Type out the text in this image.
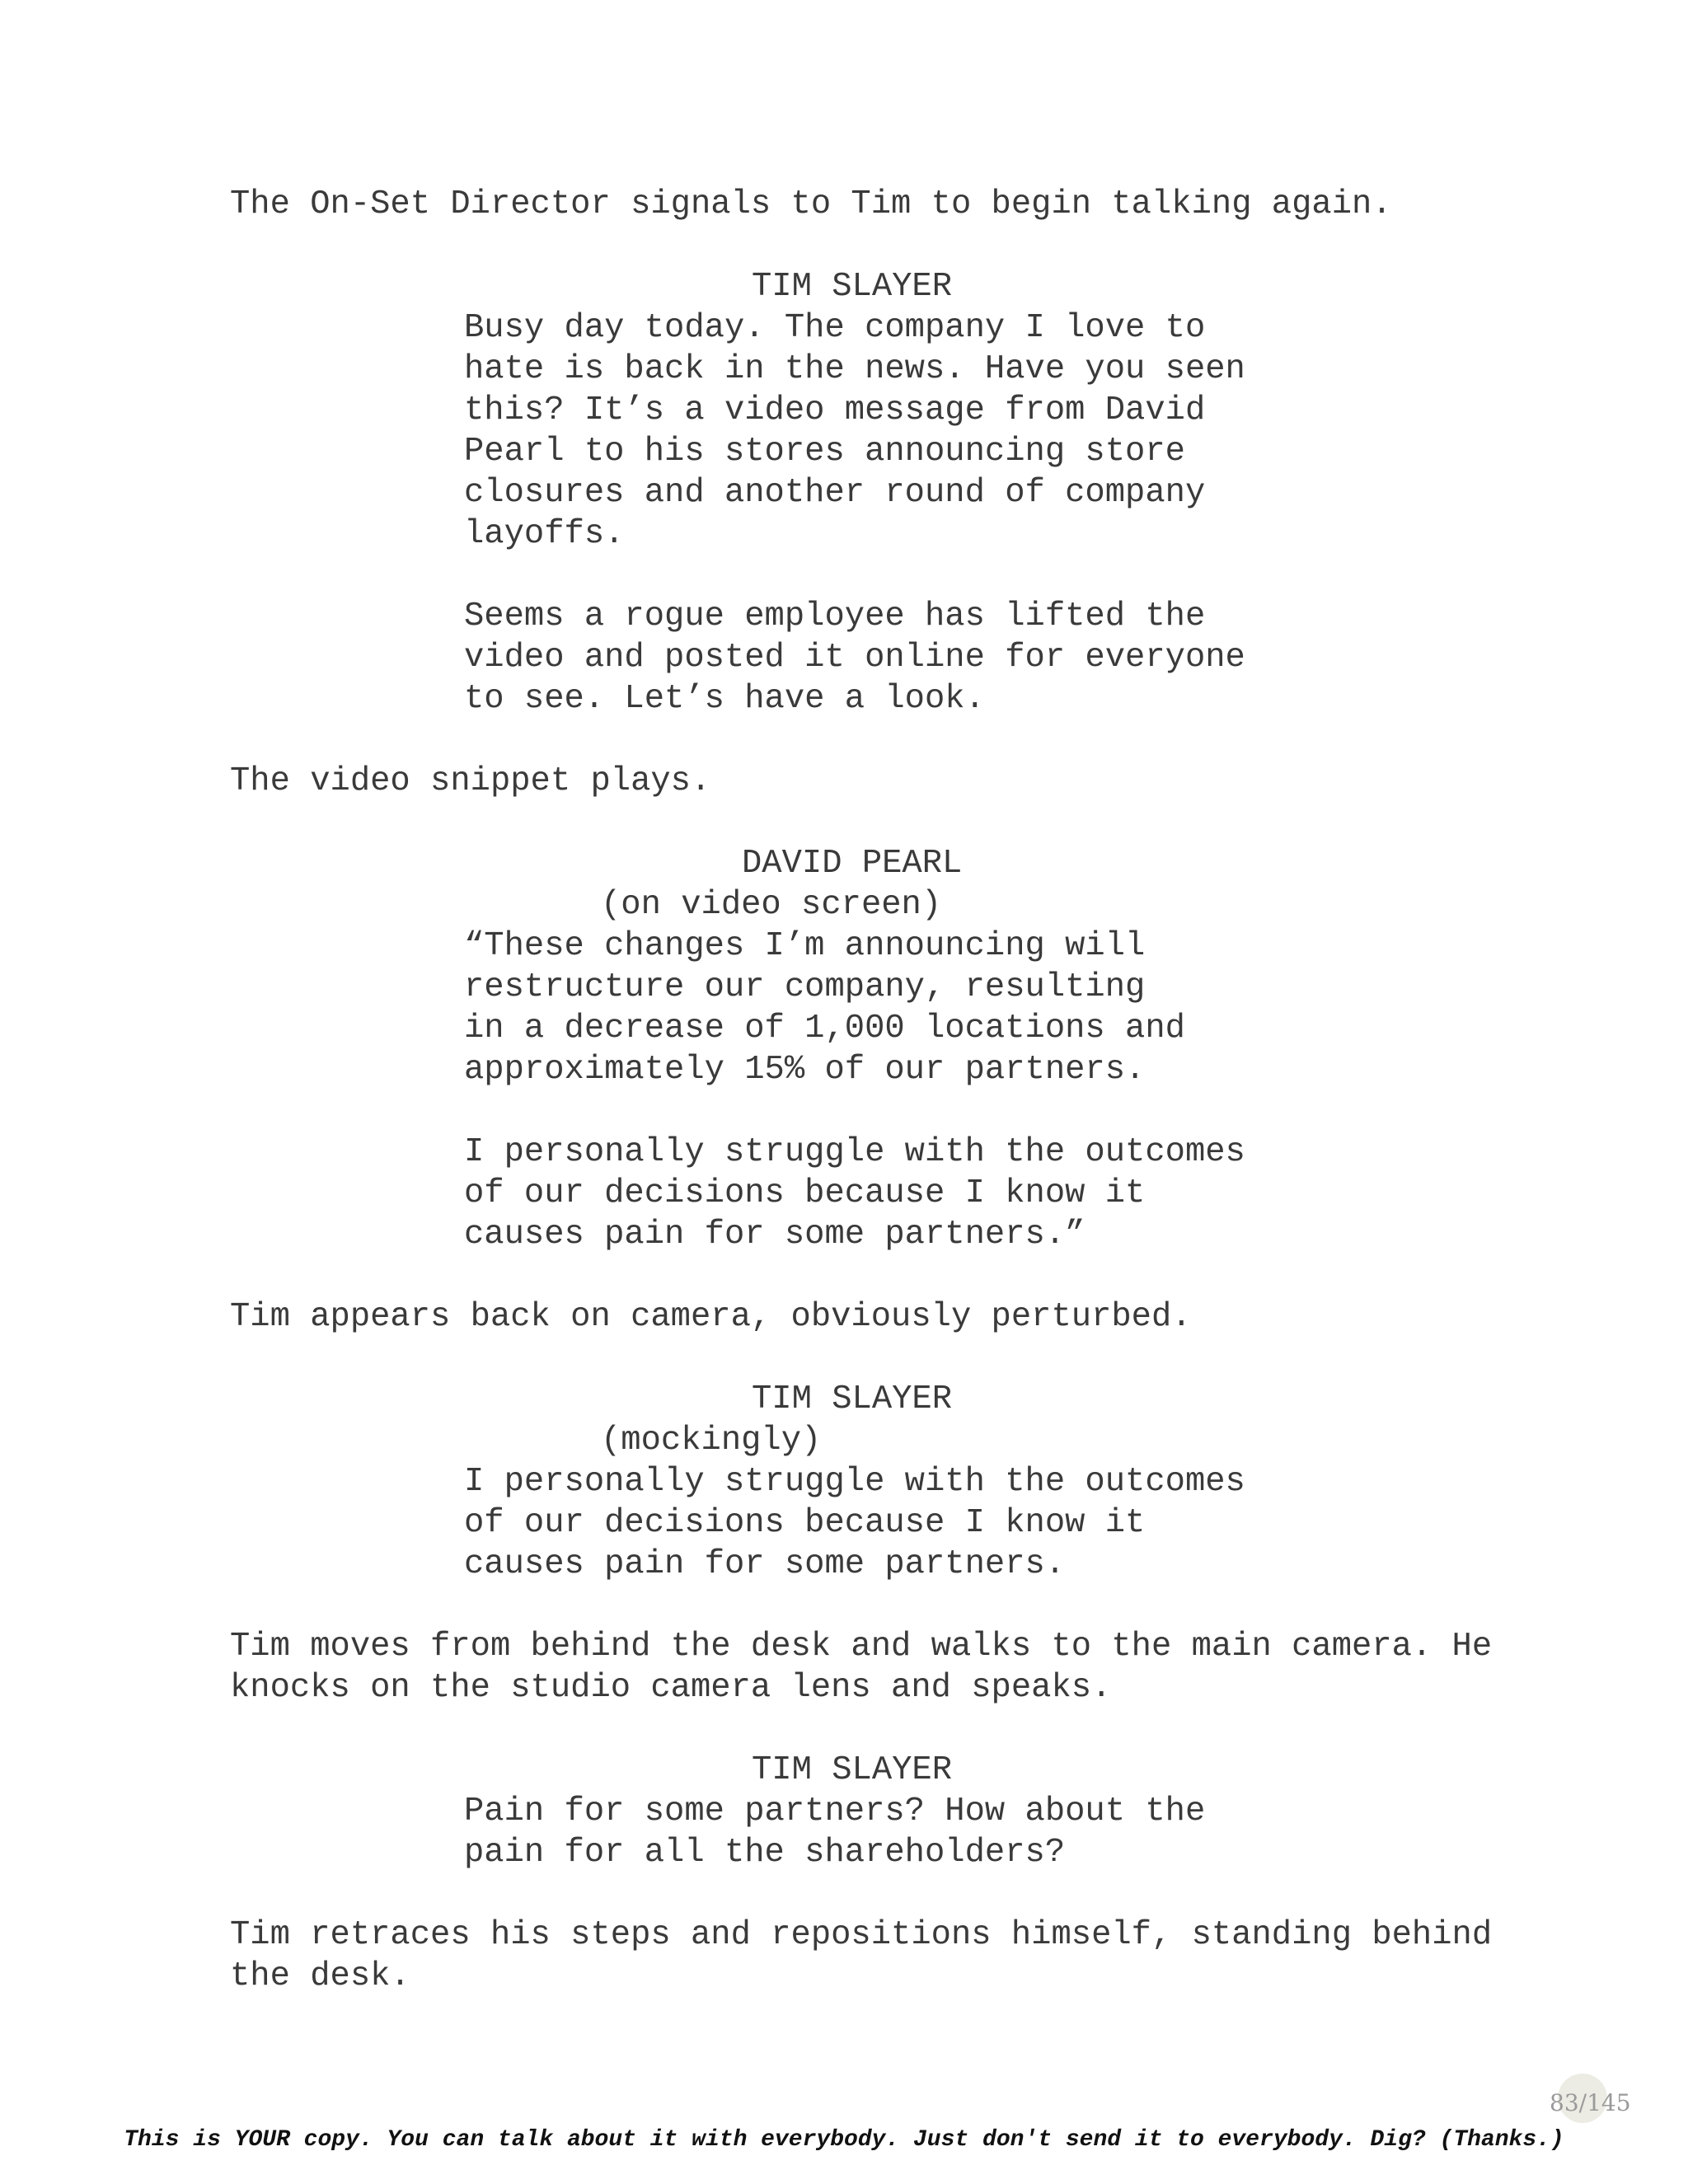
The On-Set Director signals to Tim to begin talking again.
TIM SLAYER
Busy day today. The company I love to
hate is back in the news. Have you seen
this? It’s a video message from David
Pearl to his stores announcing store
closures and another round of company
layoffs.
Seems a rogue employee has lifted the
video and posted it online for everyone
to see. Let’s have a look.
The video snippet plays.
DAVID PEARL
(on video screen)
“These changes I’m announcing will
restructure our company, resulting
in a decrease of 1,000 locations and
approximately 15% of our partners.
I personally struggle with the outcomes
of our decisions because I know it
causes pain for some partners.”
Tim appears back on camera, obviously perturbed.
TIM SLAYER
(mockingly)
I personally struggle with the outcomes
of our decisions because I know it
causes pain for some partners.
Tim moves from behind the desk and walks to the main camera. He
knocks on the studio camera lens and speaks.
TIM SLAYER
Pain for some partners? How about the
pain for all the shareholders?
Tim retraces his steps and repositions himself, standing behind
the desk.
83/145
This is YOUR copy. You can talk about it with everybody. Just don't send it to everybody. Dig? (Thanks.)
